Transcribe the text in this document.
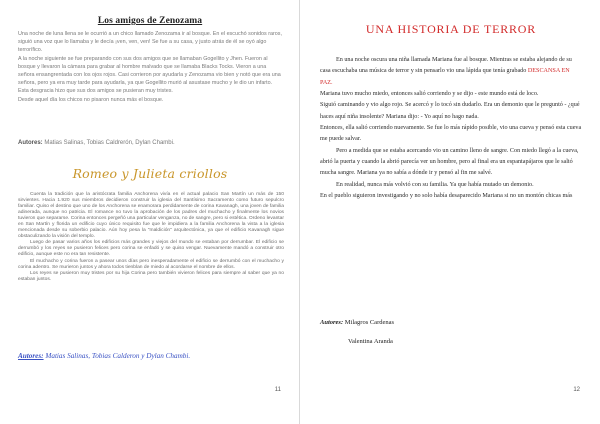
Los amigos de Zenozama

Una noche de luna llena se le ocurrió a un chico llamado Zenozama ir al bosque. En el escuchó sonidos raros, siguió una voz que lo llamaba y le decía ¡ven, ven, ven! Se fue a su casa, y justo atrás de él se oyó algo terrorífico.

A la noche siguiente se fue preparando con sus dos amigos que se llamaban Gogellito y Jhen. Fueron al bosque y llevaron la cámara para grabar al hombre malvado que se llamaba Blacks Tocks. Vieron a una señora ensangrentada con los ojos rojos. Casi corrieron por ayudarla y Zenozama vio bien y notó que era una señora, pero ya era muy tarde para ayudarla, ya que Gogellito murió al asustase mucho y le dio un infarto. Esta desgracia hizo que sus dos amigos se pusieran muy tristes.

Desde aquel día los chicos no pisaron nunca más el bosque.

Autores: Matias Salinas, Tobias Caldrerón, Dylan Chambi.
Romeo y Julieta criollos

Cuenta la tradición que la aristócrata familia Anchorena vivía en el actual palacio San Martín un más de 150 sirvientes. Hacia 1.920 sus miembros decidieron construir la iglesia del Santísimo Sacramento como futuro sepulcro familiar. Quiso el destino que uno de los Anchorena se enamorara perdidamente de corina Kavanagh, una joven de familia adinerada, aunque no patricia. El romance no tuvo la aprobación de los padres del muchacho y finalmente los novios tuvieron que separarse. Corina entonces pergeñó una particular venganza, no de sangre, pero si estética. Ordeno levantar en San Martín y florida un edificio cuyo único requisito fue que le impidiera a la familia Anchorena la vista a la iglesia mencionada desde su soberbio palacio. Aún hoy pesa la "maldición" arquitectónica, ya que el edificio Kavanagh sigue obstaculizando la visión del templo.

Luego de pasar varios años los edificios más grandes y viejos del mundo se estaban por derrumbar. El edificio se derrumbó y los reyes se pusieron felices pero corina se enfadó y se quiso vengar. Nuevamente mandó a construir otro edificio, aunque este no era tan resistente.

El muchacho y corina fueron a pasear unos días pero inesperadamente el edificio se derrumbó con el muchacho y corina adentro. Se murieron juntos y ahora todos tienblan de miedo al acordarse el nombre de ellos.

Los reyes se pusieron muy tristes por su hija Corina pero también vivieron felices para siempre al saber que ya no estaban juntos.

Autores: Matias Salinas, Tobias Calderon y Dylan Chambi.
11
UNA HISTORIA DE TERROR

En una noche oscura una niña llamada Mariana fue al bosque. Mientras se estaba alejando de su casa escuchaba una música de terror y sin pensarlo vio una lápida que tenía grabado DESCANSA EN PAZ.

Mariana tuvo mucho miedo, entonces salió corriendo y se dijo - este mundo está de loco.

Siguió caminando y vio algo rojo. Se acercó y lo tocó sin dudarlo. Era un demonio que le preguntó - ¿qué haces aquí niña insolente? Mariana dijo: - Yo aquí no hago nada.

Entonces, ella salió corriendo nuevamente. Se fue lo más rápido posible, vio una cueva y pensó esta cueva me puede salvar.

Pero a medida que se estaba acercando vio un camino lleno de sangre. Con miedo llegó a la cueva, abrió la puerta y cuando la abrió parecía ver un hombre, pero al final era un espantapájaros que le saltó mucha sangre. Mariana ya no sabía a dónde ir y pensó al fin me salvé.

En realidad, nunca más volvió con su familia. Ya que había mutado un demonio.

En el pueblo siguieron investigando y no solo había desaparecido Mariana si no un montón chicas más

Autores: Milagros Cardenas
Valentina Aranda
12
